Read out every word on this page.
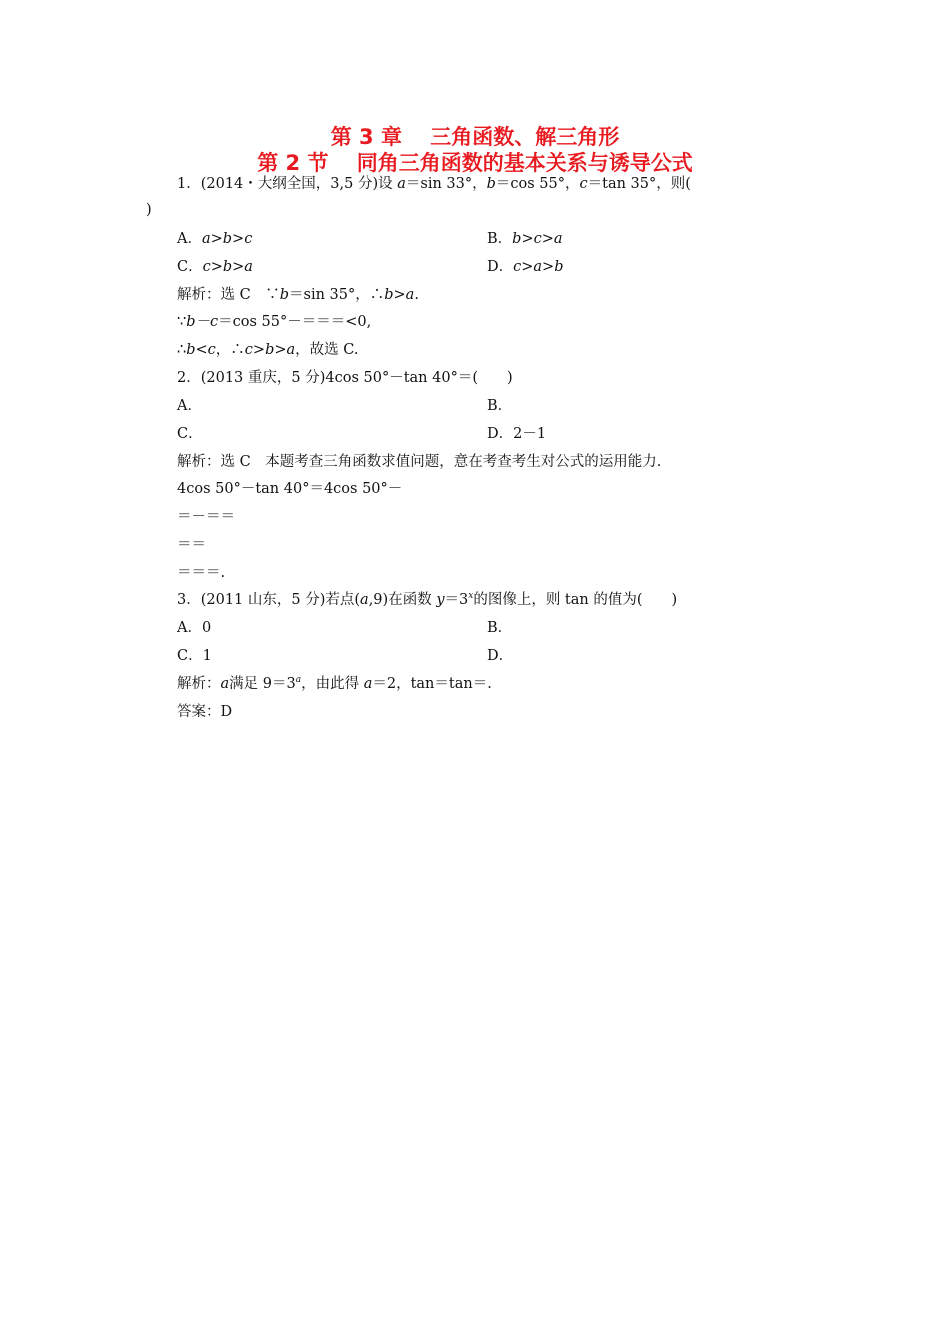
第 3 章　 三角函数、解三角形
第 2 节　 同角三角函数的基本关系与诱导公式
1．(2014・大纲全国，3,5 分)设 a＝sin 33°，b＝cos 55°，c＝tan 35°，则(
)
A．a>b>c	B．b>c>a
C．c>b>a	D．c>a>b
解析：选 C　∵b＝sin 35°，∴b>a.
∵b－c＝cos 55°－＝＝＝<0,
∴b<c，∴c>b>a，故选 C.
2．(2013 重庆，5 分)4cos 50°－tan 40°＝(　　)
A．	B．
C．	D．2－1
解析：选 C　本题考查三角函数求值问题，意在考查考生对公式的运用能力.
4cos 50°－tan 40°＝4cos 50°－
＝－＝＝
＝＝
＝＝＝.
3．(2011 山东，5 分)若点(a,9)在函数 $y=3^x$的图像上，则 tan 的值为(　　)
A．0	B．
C．1	D．
解析：a满足 $9=3^a$，由此得 a＝2，tan＝tan＝.
答案：D
